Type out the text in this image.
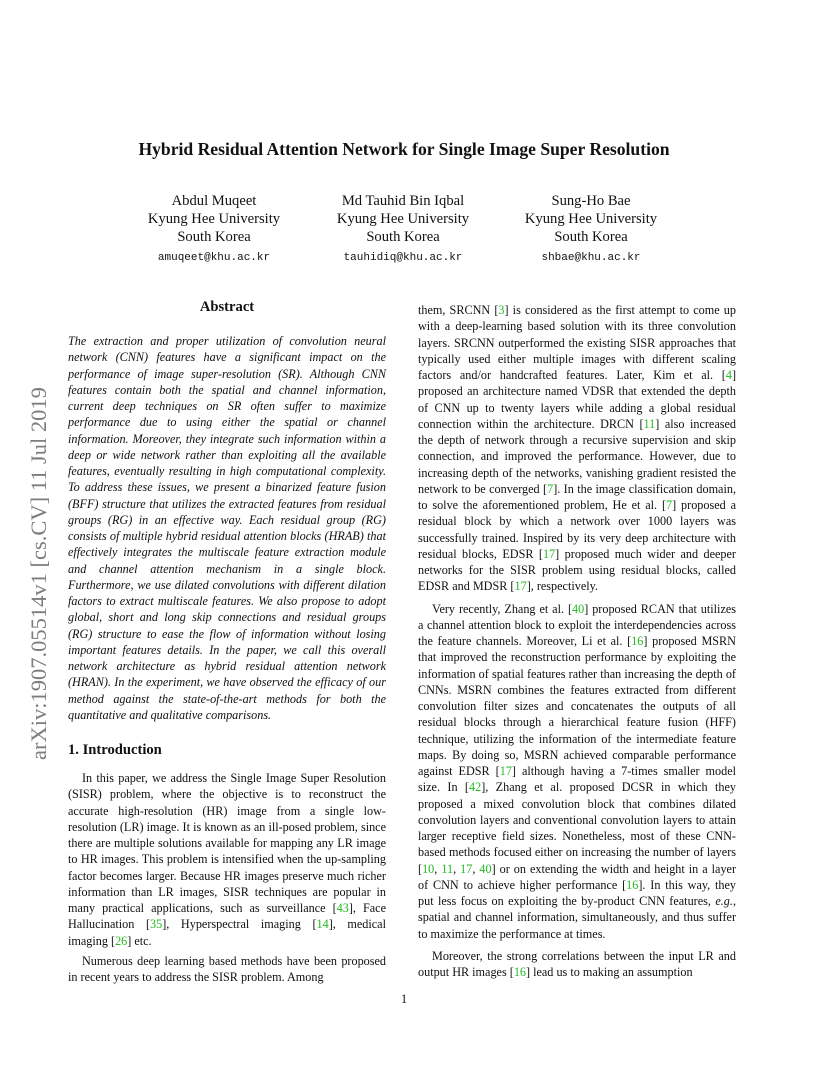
arXiv:1907.05514v1 [cs.CV] 11 Jul 2019
Hybrid Residual Attention Network for Single Image Super Resolution
Abdul Muqeet
Kyung Hee University
South Korea
amuqeet@khu.ac.kr
Md Tauhid Bin Iqbal
Kyung Hee University
South Korea
tauhidiq@khu.ac.kr
Sung-Ho Bae
Kyung Hee University
South Korea
shbae@khu.ac.kr
Abstract
The extraction and proper utilization of convolution neural network (CNN) features have a significant impact on the performance of image super-resolution (SR). Although CNN features contain both the spatial and channel information, current deep techniques on SR often suffer to maximize performance due to using either the spatial or channel information. Moreover, they integrate such information within a deep or wide network rather than exploiting all the available features, eventually resulting in high computational complexity. To address these issues, we present a binarized feature fusion (BFF) structure that utilizes the extracted features from residual groups (RG) in an effective way. Each residual group (RG) consists of multiple hybrid residual attention blocks (HRAB) that effectively integrates the multiscale feature extraction module and channel attention mechanism in a single block. Furthermore, we use dilated convolutions with different dilation factors to extract multiscale features. We also propose to adopt global, short and long skip connections and residual groups (RG) structure to ease the flow of information without losing important features details. In the paper, we call this overall network architecture as hybrid residual attention network (HRAN). In the experiment, we have observed the efficacy of our method against the state-of-the-art methods for both the quantitative and qualitative comparisons.
1. Introduction

In this paper, we address the Single Image Super Resolution (SISR) problem, where the objective is to reconstruct the accurate high-resolution (HR) image from a single low-resolution (LR) image. It is known as an ill-posed problem, since there are multiple solutions available for mapping any LR image to HR images. This problem is intensified when the up-sampling factor becomes larger. Because HR images preserve much richer information than LR images, SISR techniques are popular in many practical applications, such as surveillance [43], Face Hallucination [35], Hyperspectral imaging [14], medical imaging [26] etc.

Numerous deep learning based methods have been proposed in recent years to address the SISR problem. Among

them, SRCNN [3] is considered as the first attempt to come up with a deep-learning based solution with its three convolution layers. SRCNN outperformed the existing SISR approaches that typically used either multiple images with different scaling factors and/or handcrafted features. Later, Kim et al. [4] proposed an architecture named VDSR that extended the depth of CNN up to twenty layers while adding a global residual connection within the architecture. DRCN [11] also increased the depth of network through a recursive supervision and skip connection, and improved the performance. However, due to increasing depth of the networks, vanishing gradient resisted the network to be converged [7]. In the image classification domain, to solve the aforementioned problem, He et al. [7] proposed a residual block by which a network over 1000 layers was successfully trained. Inspired by its very deep architecture with residual blocks, EDSR [17] proposed much wider and deeper networks for the SISR problem using residual blocks, called EDSR and MDSR [17], respectively.

Very recently, Zhang et al. [40] proposed RCAN that utilizes a channel attention block to exploit the interdependencies across the feature channels. Moreover, Li et al. [16] proposed MSRN that improved the reconstruction performance by exploiting the information of spatial features rather than increasing the depth of CNNs. MSRN combines the features extracted from different convolution filter sizes and concatenates the outputs of all residual blocks through a hierarchical feature fusion (HFF) technique, utilizing the information of the intermediate feature maps. By doing so, MSRN achieved comparable performance against EDSR [17] although having a 7-times smaller model size. In [42], Zhang et al. proposed DCSR in which they proposed a mixed convolution block that combines dilated convolution layers and conventional convolution layers to attain larger receptive field sizes. Nonetheless, most of these CNN-based methods focused either on increasing the number of layers [10, 11, 17, 40] or on extending the width and height in a layer of CNN to achieve higher performance [16]. In this way, they put less focus on exploiting the by-product CNN features, e.g., spatial and channel information, simultaneously, and thus suffer to maximize the performance at times.

Moreover, the strong correlations between the input LR and output HR images [16] lead us to making an assumption

1
